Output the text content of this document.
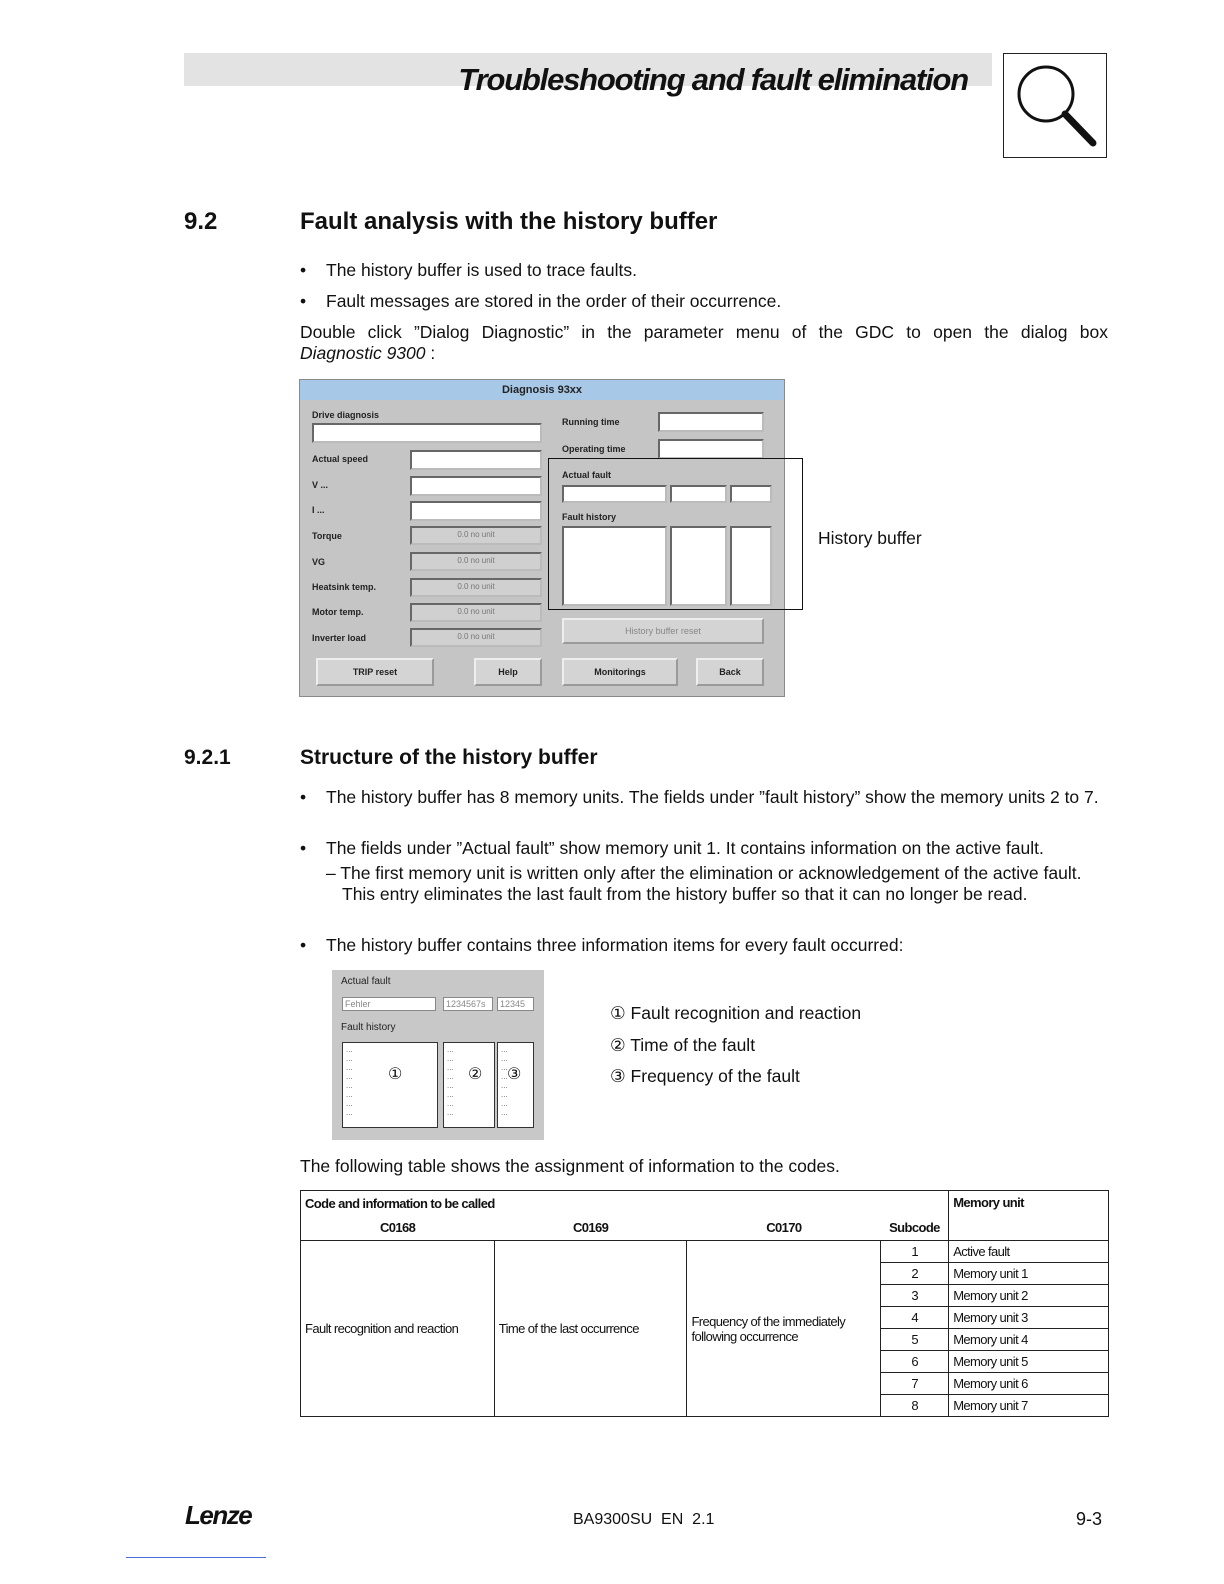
Troubleshooting and fault elimination
9.2	Fault analysis with the history buffer
• The history buffer is used to trace faults.
• Fault messages are stored in the order of their occurrence.
Double click ”Dialog Diagnostic” in the parameter menu of the GDC to open the dialog box
Diagnostic 9300 :
Diagnosis 93xx
Drive diagnosis
Actual speed
V ...
I ...
Torque	0.0 no unit
VG	0.0 no unit
Heatsink temp.	0.0 no unit
Motor temp.	0.0 no unit
Inverter load	0.0 no unit
Running time
Operating time
Actual fault
Fault history
History buffer reset
TRIP reset	Help	Monitorings	Back
History buffer
9.2.1	Structure of the history buffer
• The history buffer has 8 memory units. The fields under ”fault history” show the memory units 2 to 7.
• The fields under ”Actual fault” show memory unit 1. It contains information on the active fault.
– The first memory unit is written only after the elimination or acknowledgement of the active fault. This entry eliminates the last fault from the history buffer so that it can no longer be read.
• The history buffer contains three information items for every fault occurred:
Actual fault
Fehler	1234567s	12345
Fault history
...
...
...
...
...
...
...
...
...
...
...
...
...
...
...
...
...
...
...
...
...
...
...
...
①	② ③
① Fault recognition and reaction
② Time of the fault
③ Frequency of the fault
The following table shows the assignment of information to the codes.
Code and information to be called				Memory unit
C0168	C0169	C0170	Subcode	
Fault recognition and reaction	Time of the last occurrence	Frequency of the immediately following occurrence	1	Active fault
			2	Memory unit 1
			3	Memory unit 2
			4	Memory unit 3
			5	Memory unit 4
			6	Memory unit 5
			7	Memory unit 6
			8	Memory unit 7
Lenze	BA9300SU  EN  2.1	9-3
